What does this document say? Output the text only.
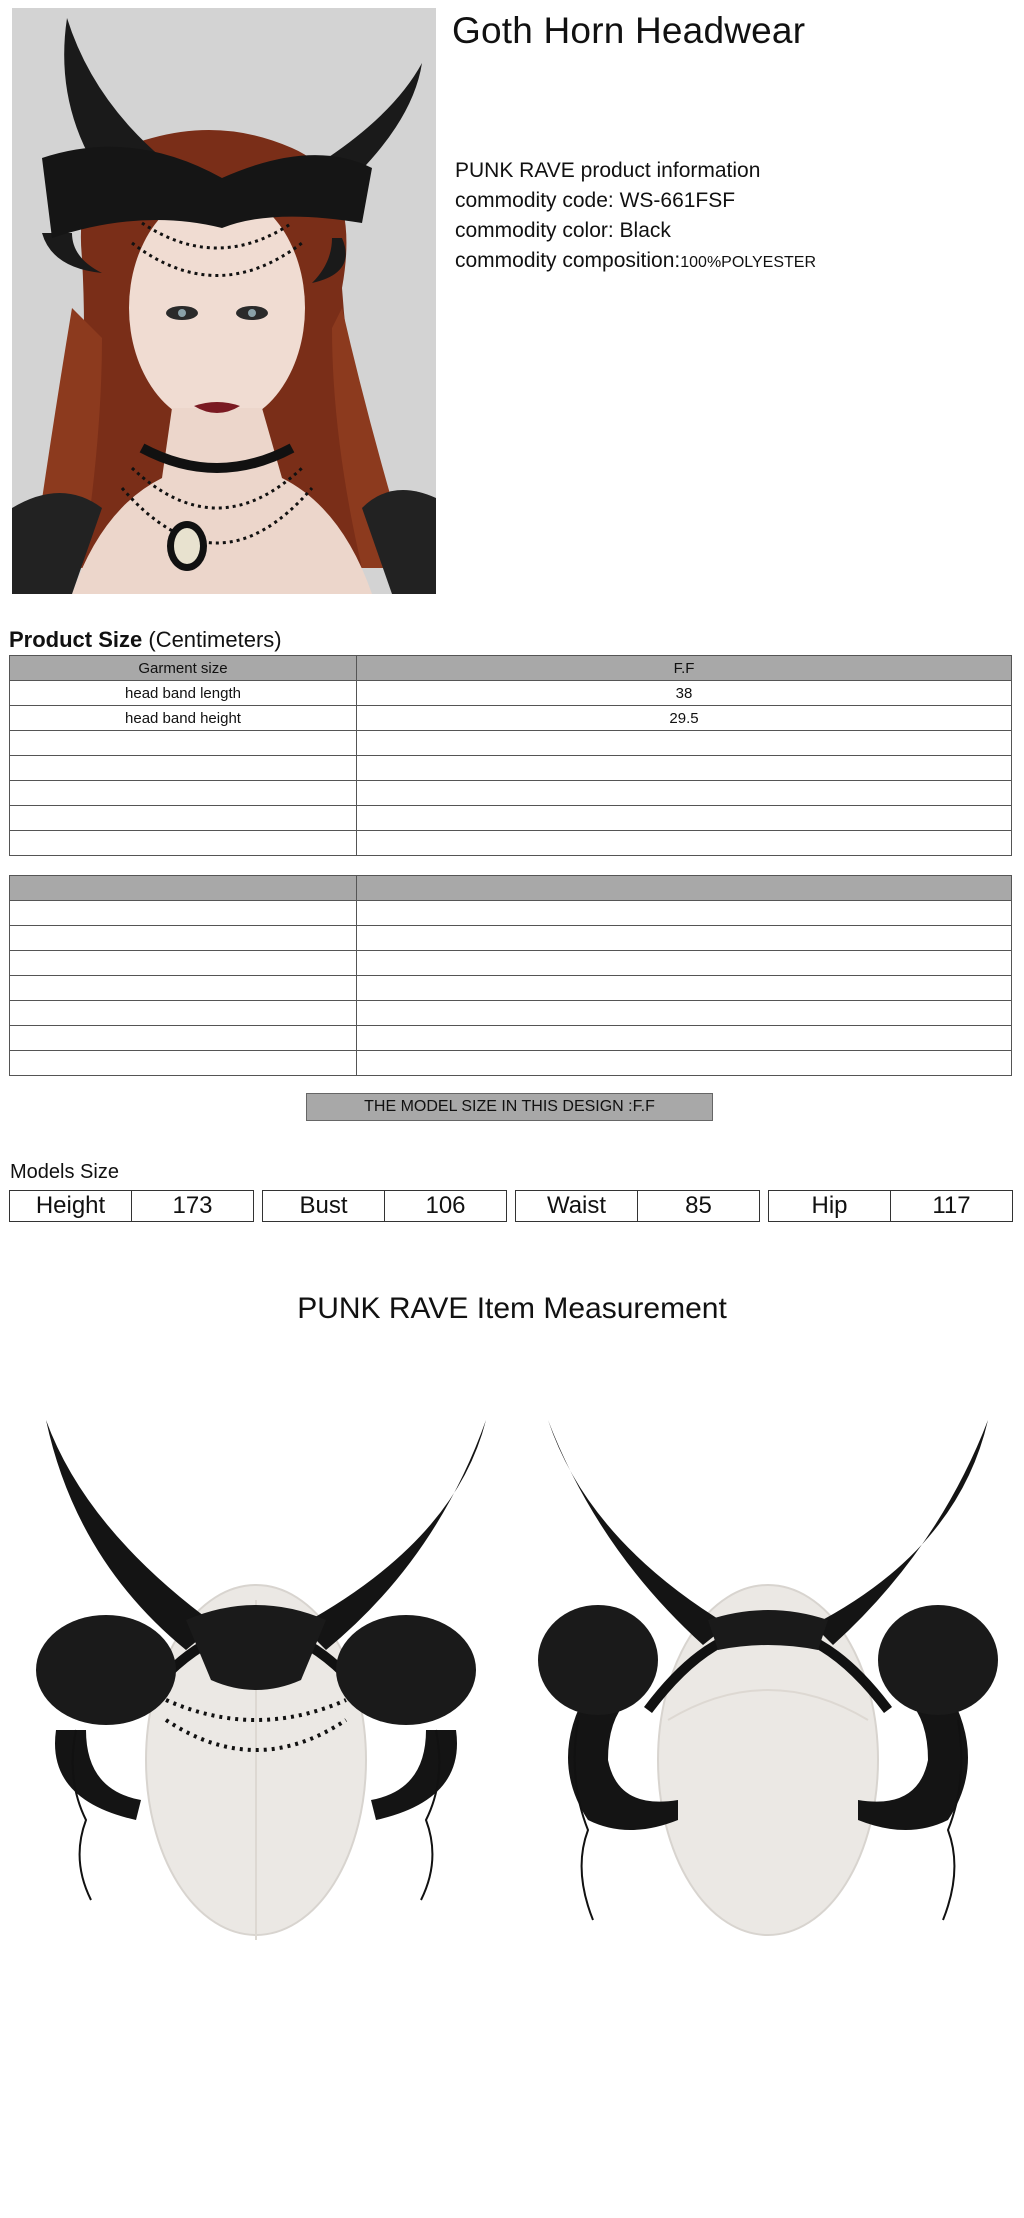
Goth Horn Headwear
PUNK RAVE product information
commodity code: WS-661FSF
commodity color: Black
commodity composition:100%POLYESTER
Product Size (Centimeters)
Garment size	F.F
head band length	38
head band height	29.5

THE MODEL SIZE IN THIS DESIGN :F.F
Models Size
Height	173	Bust	106	Waist	85	Hip	117
PUNK RAVE Item Measurement
